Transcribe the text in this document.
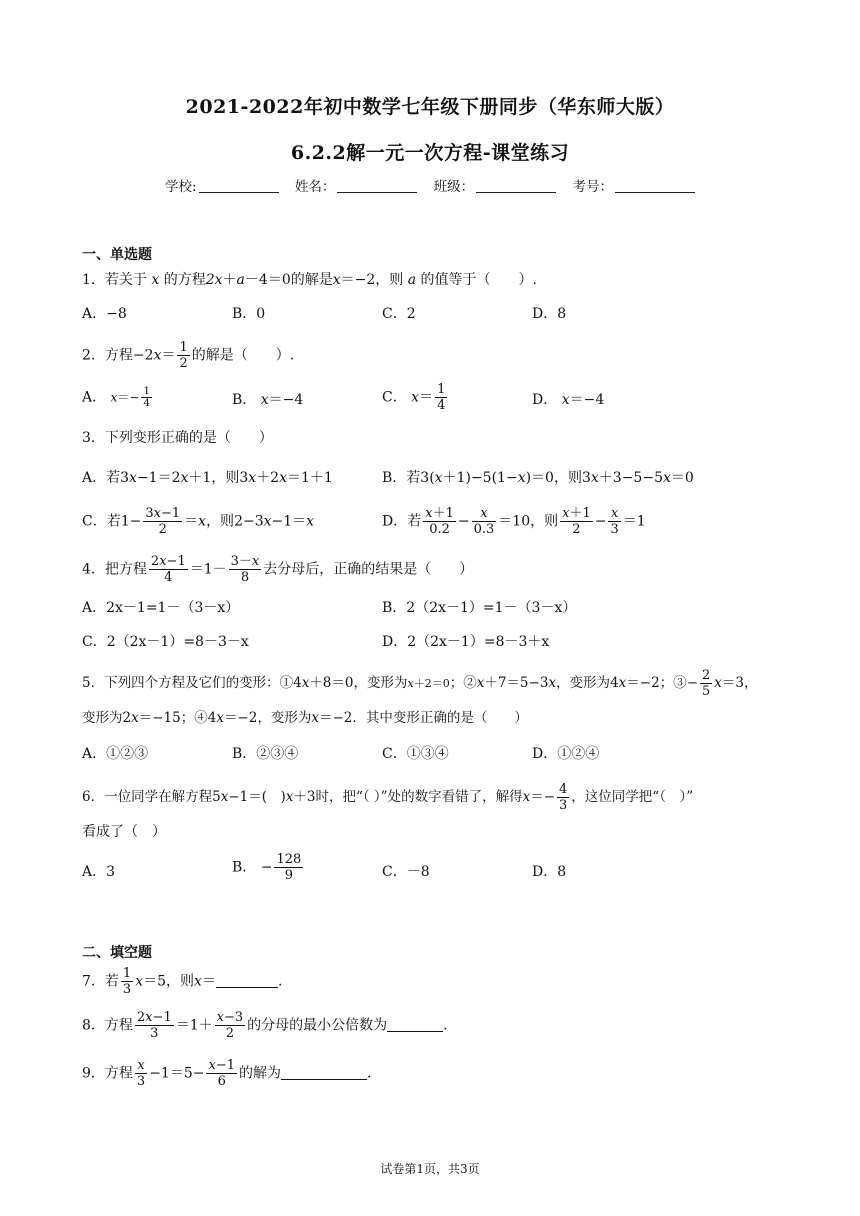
2021-2022年初中数学七年级下册同步（华东师大版）
6.2.2解一元一次方程-课堂练习
学校:	姓名：	班级：	考号：
一、单选题
1．若关于 x 的方程2x＋a－4＝0的解是x＝−2，则 a 的值等于（　　）.
A．−8	B．0	C．2	D．8
2．方程$-2x= \frac{1}{2}$ 的解是（　　）.
A． $x=- \frac{1}{4}$	B． x＝−4	C． $x= \frac{1}{4}$	D． x＝−4
3．下列变形正确的是（　　）
A．若3x−1＝2x＋1，则3x＋2x＝1＋1	B．若3(x＋1)−5(1−x)＝0，则3x＋3−5−5x＝0
C．若$1- \frac{3x-1}{2} =x$，则2−3x−1＝x	D．若 $\frac{x+1}{0.2} - \frac{x}{0.3} =10$，则 $\frac{x+1}{2} - \frac{x}{3} =1$
4．把方程 $\frac{2x-1}{4} =1- \frac{3-x}{8}$ 去分母后，正确的结果是（　　）
A．2x－1=1－（3－x）	B．2（2x－1）=1－（3－x）
C．2（2x－1）=8－3－x	D．2（2x－1）=8－3＋x
5．下列四个方程及它们的变形：①4x＋8＝0，变形为x＋2＝0；②x＋7＝5−3x，变形为4x＝−2；③− $\frac{2}{5} x=3$，
变形为2x＝−15；④4x＝−2，变形为x＝−2．其中变形正确的是（　　）
A．①②③	B．②③④	C．①③④	D．①②④
6．一位同学在解方程5x−1＝(　)x＋3时，把“（ ）”处的数字看错了，解得$x=- \frac{4}{3}$ ，这位同学把“（　）”
看成了（　）
A．3	B． − $\frac{128}{9}$	C．－8	D．8
二、填空题
7．若 $\frac{1}{3} x=5$，则x＝	.
8．方程 $\frac{2x-1}{3} =1+ \frac{x-3}{2}$ 的分母的最小公倍数为	.
9．方程 $\frac{x}{3} -1=5- \frac{x-1}{6}$ 的解为	.
试卷第1页，共3页
